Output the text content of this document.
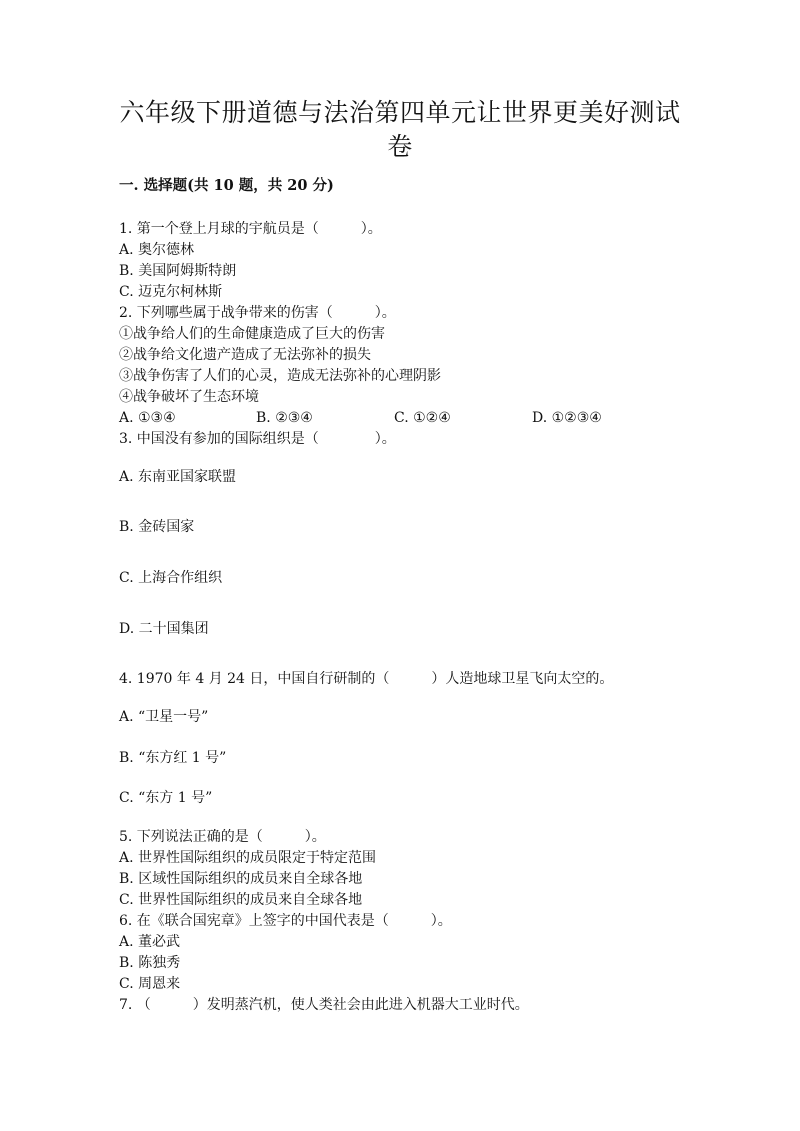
六年级下册道德与法治第四单元让世界更美好测试卷
一. 选择题(共 10 题，共 20 分)
1. 第一个登上月球的宇航员是（　　　）。
A. 奥尔德林
B. 美国阿姆斯特朗
C. 迈克尔柯林斯
2. 下列哪些属于战争带来的伤害（　　　）。
①战争给人们的生命健康造成了巨大的伤害
②战争给文化遗产造成了无法弥补的损失
③战争伤害了人们的心灵，造成无法弥补的心理阴影
④战争破坏了生态环境
A. ①③④	B. ②③④	C. ①②④	D. ①②③④
3. 中国没有参加的国际组织是（　　　　）。
A. 东南亚国家联盟
B. 金砖国家
C. 上海合作组织
D. 二十国集团
4. 1970 年 4 月 24 日，中国自行研制的（　　　）人造地球卫星飞向太空的。
A. “卫星一号”
B. “东方红 1 号”
C. “东方 1 号”
5. 下列说法正确的是（　　　）。
A. 世界性国际组织的成员限定于特定范围
B. 区域性国际组织的成员来自全球各地
C. 世界性国际组织的成员来自全球各地
6. 在《联合国宪章》上签字的中国代表是（　　　）。
A. 董必武
B. 陈独秀
C. 周恩来
7. （　　　）发明蒸汽机，使人类社会由此进入机器大工业时代。
